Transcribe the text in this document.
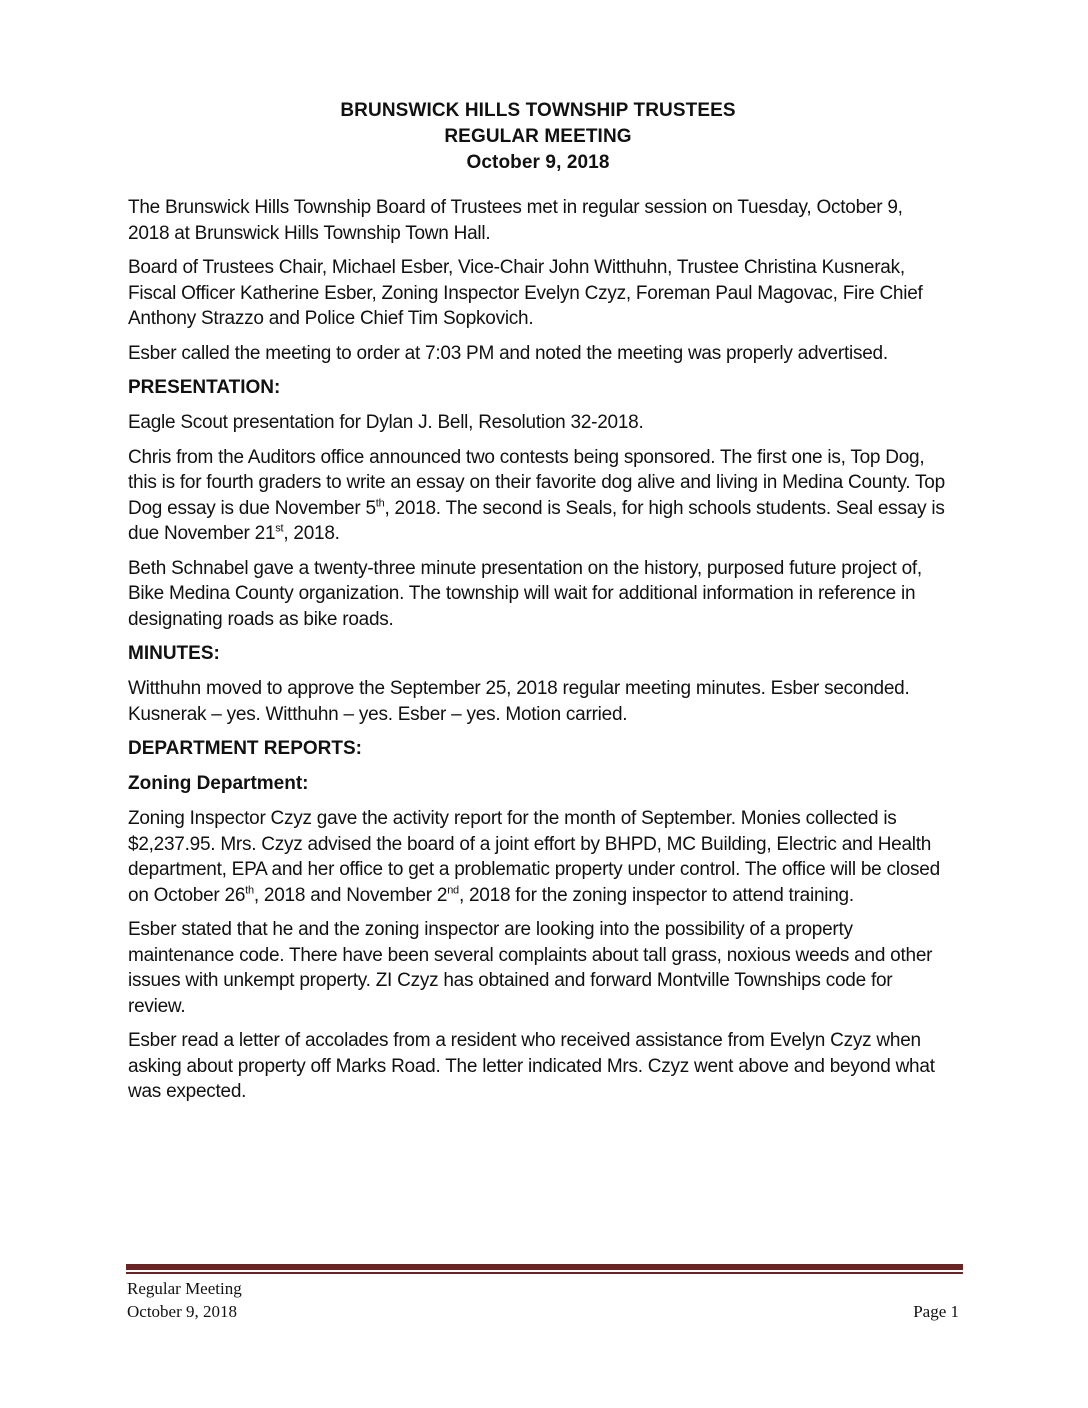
BRUNSWICK HILLS TOWNSHIP TRUSTEES
REGULAR MEETING
October 9, 2018

The Brunswick Hills Township Board of Trustees met in regular session on Tuesday, October 9, 2018 at Brunswick Hills Township Town Hall.

Board of Trustees Chair, Michael Esber, Vice-Chair John Witthuhn, Trustee Christina Kusnerak, Fiscal Officer Katherine Esber, Zoning Inspector Evelyn Czyz, Foreman Paul Magovac, Fire Chief Anthony Strazzo and Police Chief Tim Sopkovich.

Esber called the meeting to order at 7:03 PM and noted the meeting was properly advertised.

PRESENTATION:

Eagle Scout presentation for Dylan J. Bell, Resolution 32-2018.

Chris from the Auditors office announced two contests being sponsored. The first one is, Top Dog, this is for fourth graders to write an essay on their favorite dog alive and living in Medina County. Top Dog essay is due November 5th, 2018. The second is Seals, for high schools students. Seal essay is due November 21st, 2018.

Beth Schnabel gave a twenty-three minute presentation on the history, purposed future project of, Bike Medina County organization. The township will wait for additional information in reference in designating roads as bike roads.

MINUTES:

Witthuhn moved to approve the September 25, 2018 regular meeting minutes. Esber seconded. Kusnerak – yes. Witthuhn – yes. Esber – yes. Motion carried.

DEPARTMENT REPORTS:
Zoning Department:

Zoning Inspector Czyz gave the activity report for the month of September. Monies collected is $2,237.95. Mrs. Czyz advised the board of a joint effort by BHPD, MC Building, Electric and Health department, EPA and her office to get a problematic property under control. The office will be closed on October 26th, 2018 and November 2nd, 2018 for the zoning inspector to attend training.

Esber stated that he and the zoning inspector are looking into the possibility of a property maintenance code. There have been several complaints about tall grass, noxious weeds and other issues with unkempt property. ZI Czyz has obtained and forward Montville Townships code for review.

Esber read a letter of accolades from a resident who received assistance from Evelyn Czyz when asking about property off Marks Road. The letter indicated Mrs. Czyz went above and beyond what was expected.

Regular Meeting
October 9, 2018	Page 1
